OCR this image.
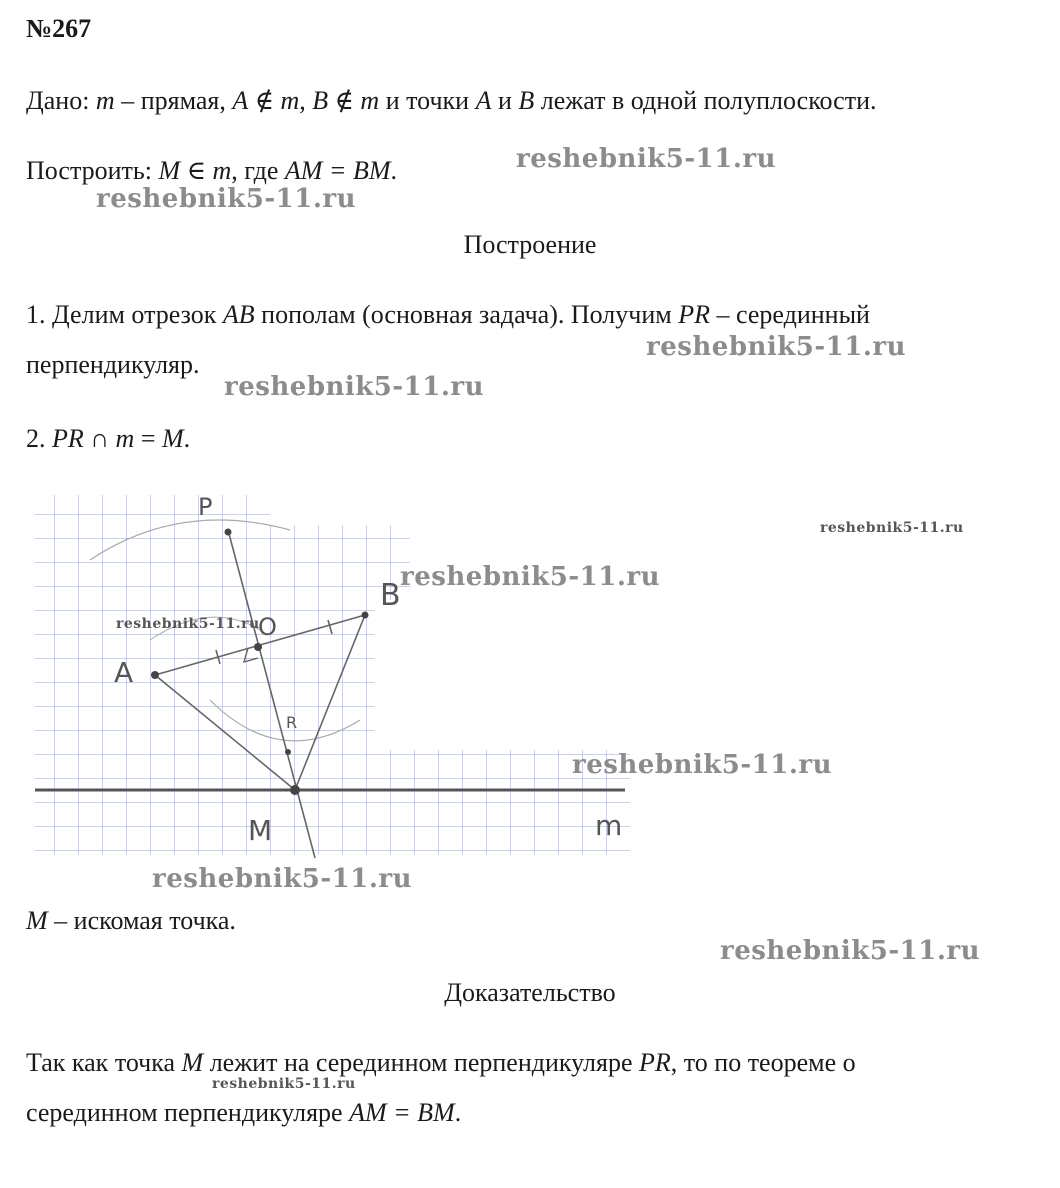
№267
Дано: m – прямая, A ∉ m, B ∉ m и точки A и B лежат в одной полуплоскости.
Построить: M ∈ m, где AM = BM.
Построение
1. Делим отрезок AB пополам (основная задача). Получим PR – серединный
перпендикуляр.
2. PR ∩ m = M.
P
O
B
A
R
M	m
M – искомая точка.
Доказательство
Так как точка M лежит на серединном перпендикуляре PR, то по теореме о
серединном перпендикуляре AM = BM.
reshebnik5-11.ru
reshebnik5-11.ru
reshebnik5-11.ru
reshebnik5-11.ru
reshebnik5-11.ru
reshebnik5-11.ru
reshebnik5-11.ru
reshebnik5-11.ru
reshebnik5-11.ru
reshebnik5-11.ru
reshebnik5-11.ru
